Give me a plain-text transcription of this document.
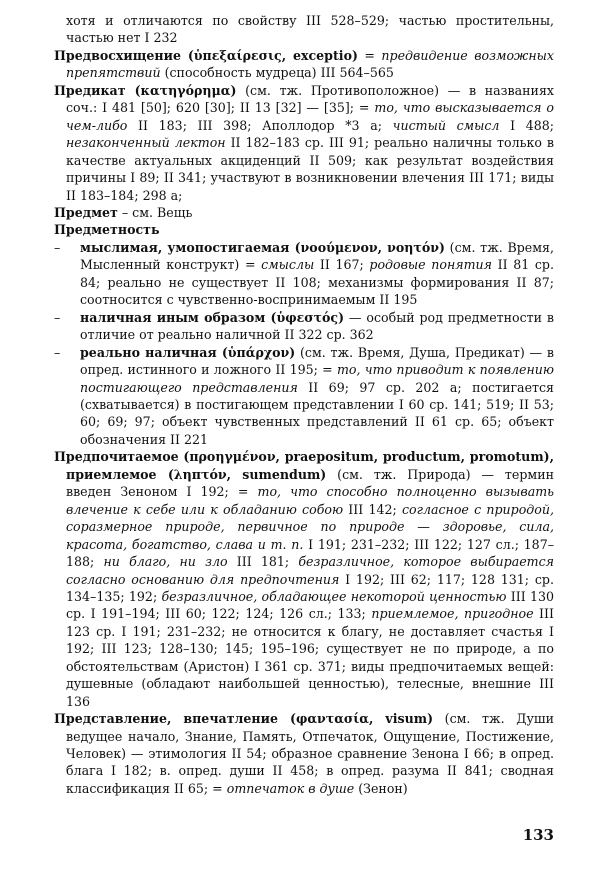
хотя и отличаются по свойству III 528–529; частью простительны, частью нет I 232

Предвосхищение (ὑπεξαίρεσις, exceptio) = предвидение возможных препятствий (способность мудреца) III 564–565

Предикат (κατηγόρημα) (см. тж. Противоположное) — в названиях соч.: I 481 [50]; 620 [30]; II 13 [32] — [35]; = то, что высказывается о чем-либо II 183; III 398; Аполлодор *3 а; чистый смысл I 488; незаконченный лектон II 182–183 ср. III 91; реально наличны только в качестве актуальных акциденций II 509; как результат воздействия причины I 89; II 341; участвуют в возникновении влечения III 171; виды II 183–184; 298 а;

Предмет – см. Вещь

Предметность

– мыслимая, умопостигаемая (νοούμενον, νοητόν) (см. тж. Время, Мысленный конструкт) = смыслы II 167; родовые понятия II 81 ср. 84; реально не существует II 108; механизмы формирования II 87; соотносится с чувственно-воспринимаемым II 195

– наличная иным образом (ὑφεστός) — особый род предметности в отличие от реально наличной II 322 ср. 362

– реально наличная (ὑπάρχον) (см. тж. Время, Душа, Предикат) — в опред. истинного и ложного II 195; = то, что приводит к появлению постигающего представления II 69; 97 ср. 202 а; постигается (схватывается) в постигающем представлении I 60 ср. 141; 519; II 53; 60; 69; 97; объект чувственных представлений II 61 ср. 65; объект обозначения II 221

Предпочитаемое (προηγμένον, praepositum, productum, promotum), приемлемое (ληπτόν, sumendum) (см. тж. Природа) — термин введен Зеноном I 192; = то, что способно полноценно вызывать влечение к себе или к обладанию собою III 142; согласное с природой, соразмерное природе, первичное по природе — здоровье, сила, красота, богатство, слава и т. п. I 191; 231–232; III 122; 127 сл.; 187–188; ни благо, ни зло III 181; безразличное, которое выбирается согласно основанию для предпочтения I 192; III 62; 117; 128 131; ср. 134–135; 192; безразличное, обладающее некоторой ценностью III 130 ср. I 191–194; III 60; 122; 124; 126 сл.; 133; приемлемое, пригодное III 123 ср. I 191; 231–232; не относится к благу, не доставляет счастья I 192; III 123; 128–130; 145; 195–196; существует не по природе, а по обстоятельствам (Аристон) I 361 ср. 371; виды предпочитаемых вещей: душевные (обладают наибольшей ценностью), телесные, внешние III 136

Представление, впечатление (φαντασία, visum) (см. тж. Души ведущее начало, Знание, Память, Отпечаток, Ощущение, Постижение, Человек) — этимология II 54; образное сравнение Зенона I 66; в опред. блага I 182; в. опред. души II 458; в опред. разума II 841; сводная классификация II 65; = отпечаток в душе (Зенон)

133
